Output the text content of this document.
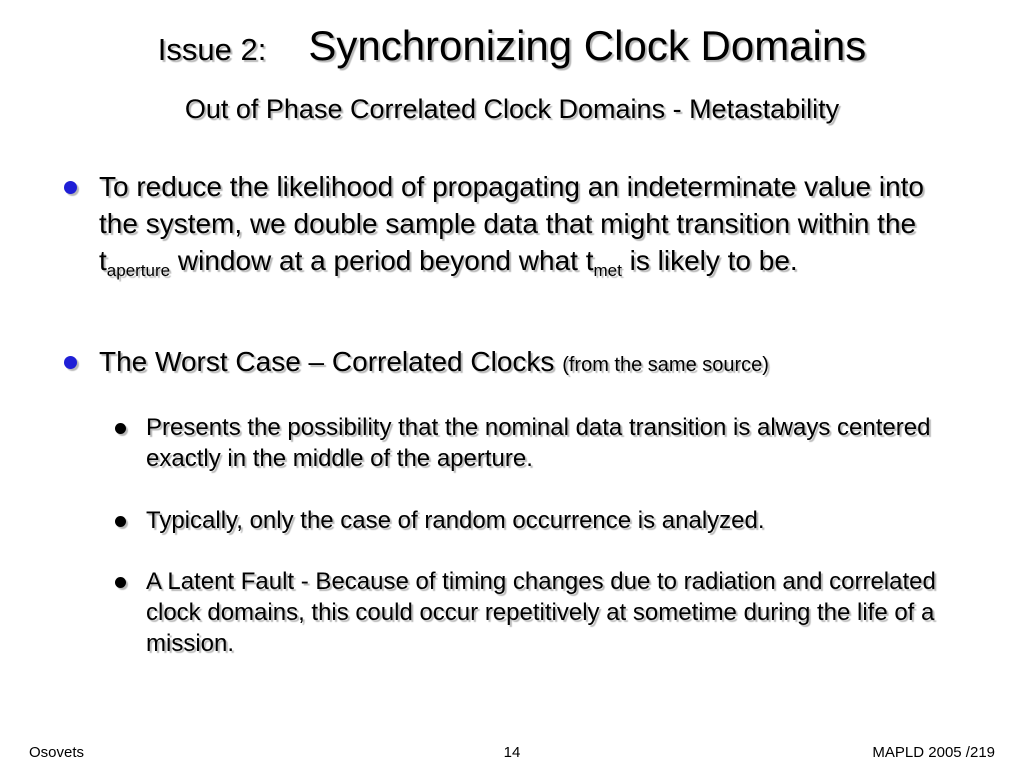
Issue 2: Synchronizing Clock Domains
Out of Phase Correlated Clock Domains - Metastability
To reduce the likelihood of propagating an indeterminate value into the system, we double sample data that might transition within the $t_{aperture}$ window at a period beyond what $t_{met}$ is likely to be.
The Worst Case – Correlated Clocks (from the same source)
Presents the possibility that the nominal data transition is always centered exactly in the middle of the aperture.
Typically, only the case of random occurrence is analyzed.
A Latent Fault - Because of timing changes due to radiation and correlated clock domains, this could occur repetitively at sometime during the life of a mission.
Osovets	14	MAPLD 2005 /219
